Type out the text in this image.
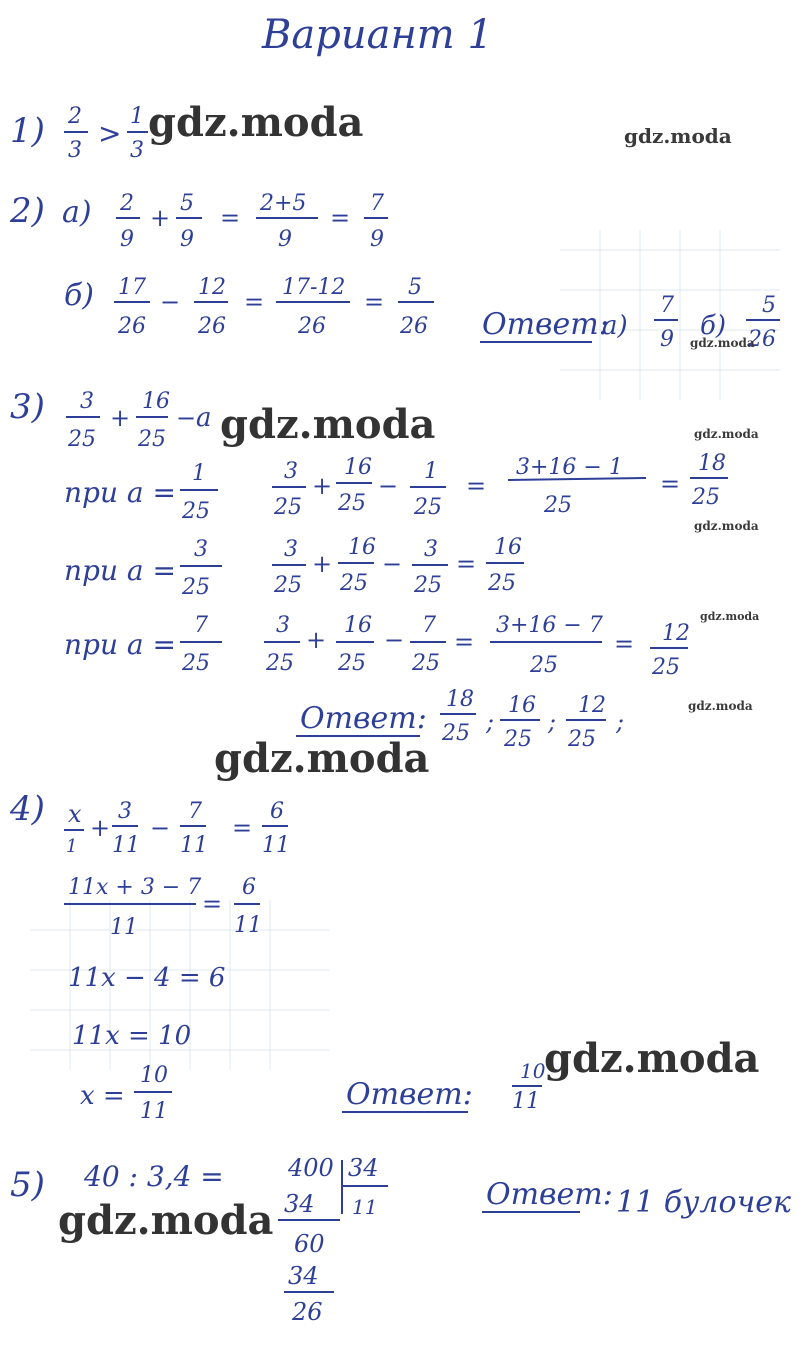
Вариант 1
1) 2
3
>
1
3
2) а) 2
9
+
5
9
=
2+5
9
=
7
9
б) 17
26
−
12
26
=
17-12
26
=
5
26 Ответ:
а)
7
9 б)
5
26
3) 3
25
+
16
25
− a
при a =
1
25
3
25
+
16
25
−
1
25
=
3+16 − 1
25
=
18
25
при a =
3
25
3
25
+
16
25
−
3
25
=
16
25
при a =
7
25
3
25
+
16
25
−
7
25
=
3+16 − 7
25
= 12
25
Ответ:
18
25 ;
16
25
;
12
25
;
4) x
1
+
3
11
−
7
11
=
6
11
11x + 3 − 7
11
=
6
11
11x − 4 = 6
11x = 10
x =
10
11	Ответ:
10
11
5) 40 : 3,4 =	400 34
11
34
60
34
26
Ответ: 11 булочек
gdz.moda	gdz.moda
gdz.moda
gdz.moda	gdz.moda
gdz.moda
gdz.moda
gdz.moda
gdz.moda
gdz.moda
gdz.moda
